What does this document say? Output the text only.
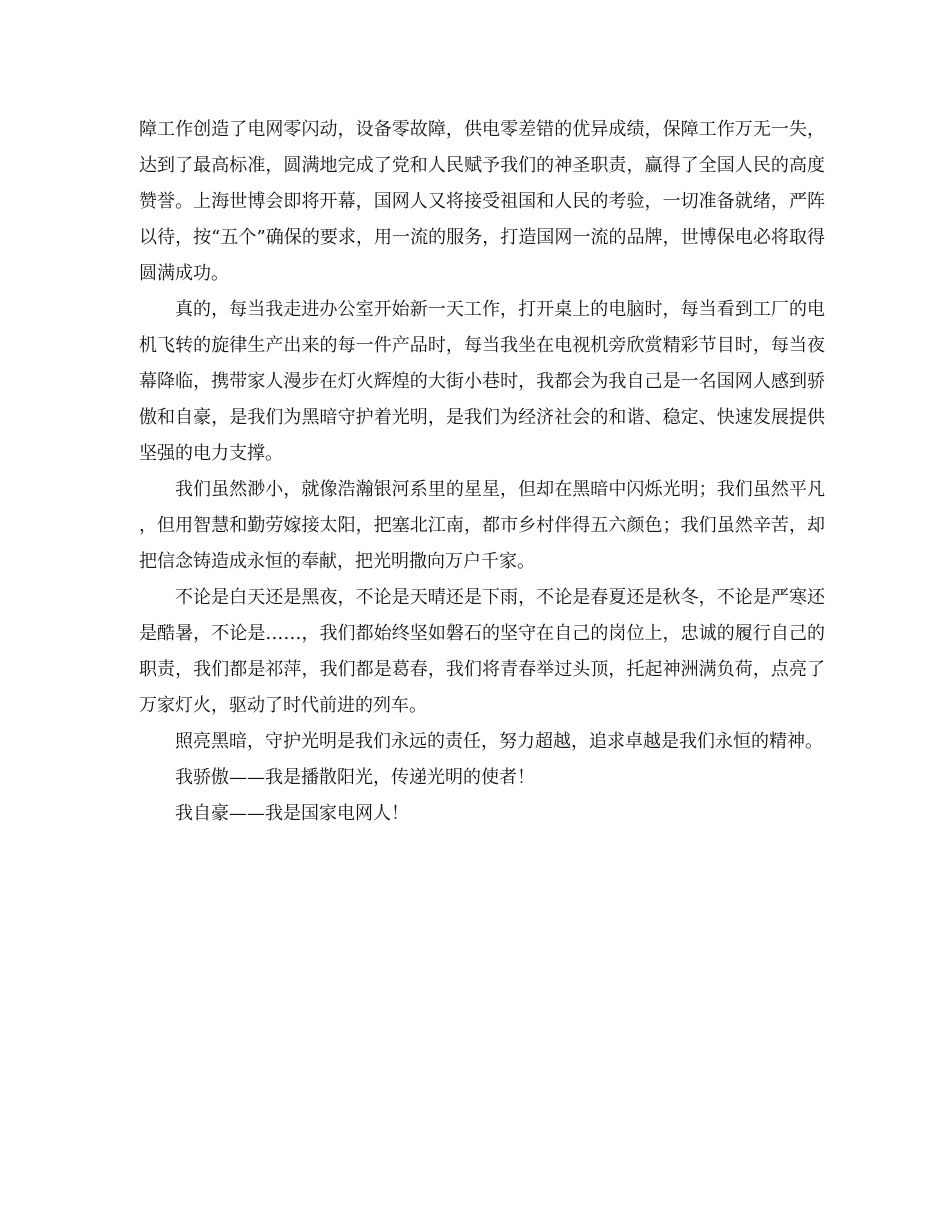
障工作创造了电网零闪动，设备零故障，供电零差错的优异成绩，保障工作万无一失，达到了最高标准，圆满地完成了党和人民赋予我们的神圣职责，赢得了全国人民的高度赞誉。上海世博会即将开幕，国网人又将接受祖国和人民的考验，一切准备就绪，严阵以待，按“五个”确保的要求，用一流的服务，打造国网一流的品牌，世博保电必将取得圆满成功。

真的，每当我走进办公室开始新一天工作，打开桌上的电脑时，每当看到工厂的电机飞转的旋律生产出来的每一件产品时，每当我坐在电视机旁欣赏精彩节目时，每当夜幕降临，携带家人漫步在灯火辉煌的大街小巷时，我都会为我自己是一名国网人感到骄傲和自豪，是我们为黑暗守护着光明，是我们为经济社会的和谐、稳定、快速发展提供坚强的电力支撑。

我们虽然渺小，就像浩瀚银河系里的星星，但却在黑暗中闪烁光明；我们虽然平凡，但用智慧和勤劳嫁接太阳，把塞北江南，都市乡村伴得五六颜色；我们虽然辛苦，却把信念铸造成永恒的奉献，把光明撒向万户千家。

不论是白天还是黑夜，不论是天晴还是下雨，不论是春夏还是秋冬，不论是严寒还是酷暑，不论是……，我们都始终坚如磐石的坚守在自己的岗位上，忠诚的履行自己的职责，我们都是祁萍，我们都是葛春，我们将青春举过头顶，托起神洲满负荷，点亮了万家灯火，驱动了时代前进的列车。

照亮黑暗，守护光明是我们永远的责任，努力超越，追求卓越是我们永恒的精神。

我骄傲——我是播散阳光，传递光明的使者！

我自豪——我是国家电网人！
